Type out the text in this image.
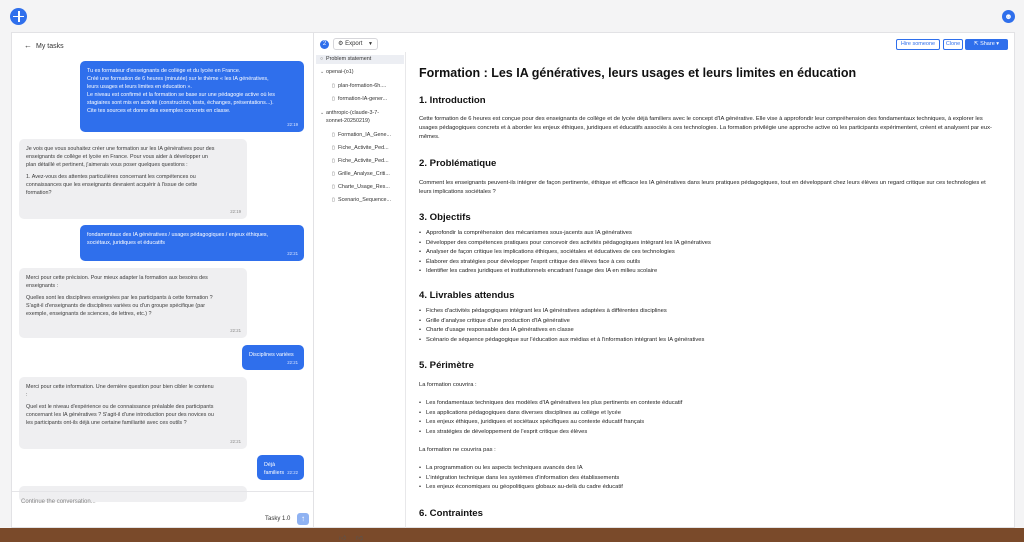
☻
← My tasks
Tu es formateur d'enseignants de collège et du lycée en France.
Créé une formation de 6 heures (minutée) sur le thème « les IA génératives,
leurs usages et leurs limites en éducation ».
Le niveau est confirmé et la formation se base sur une pédagogie active où les
stagiaires sont mis en activité (construction, tests, échanges, présentations...).
Cite tes sources et donne des exemples concrets en classe.
22:19
Je vois que vous souhaitez créer une formation sur les IA génératives pour des
enseignants de collège et lycée en France. Pour vous aider à développer un
plan détaillé et pertinent, j'aimerais vous poser quelques questions :
1. Avez-vous des attentes particulières concernant les compétences ou
connaissances que les enseignants devraient acquérir à l'issue de cette
formation?
22:19
fondamentaux des IA génératives / usages pédagogiques / enjeux éthiques,
sociétaux, juridiques et éducatifs
22:21
Merci pour cette précision. Pour mieux adapter la formation aux besoins des
enseignants :
Quelles sont les disciplines enseignées par les participants à cette formation ?
S'agit-il d'enseignants de disciplines variées ou d'un groupe spécifique (par
exemple, enseignants de sciences, de lettres, etc.) ?
22:21
Disciplines variées
22:21
Merci pour cette information. Une dernière question pour bien cibler le contenu
:
Quel est le niveau d'expérience ou de connaissance préalable des participants
concernant les IA génératives ? S'agit-il d'une introduction pour des novices ou
les participants ont-ils déjà une certaine familiarité avec ces outils ?
22:21
Déjà familiers 22:22
Continue the conversation...
Tasky 1.0	↑
2	⚙ Export ▼	Hire someone	Clone	⇱ Share ▾
○ Problem statement
⌄ openai-(o1)
▯ plan-formation-6h....
▯ formation-IA-gener...
⌄ anthropic-(claude-3-7-
sonnet-20250219)
▯ Formation_IA_Gene...
▯ Fiche_Activite_Ped...
▯ Fiche_Activite_Ped...
▯ Grille_Analyse_Criti...
▯ Charte_Usage_Res...
▯ Scenario_Sequence...
👍︎ 👎︎
Formation : Les IA génératives, leurs usages et leurs limites en éducation
1. Introduction

Cette formation de 6 heures est conçue pour des enseignants de collège et de lycée déjà familiers avec le concept d'IA générative. Elle vise à approfondir leur compréhension des fondamentaux techniques, à explorer les usages pédagogiques concrets et à aborder les enjeux éthiques, juridiques et éducatifs associés à ces technologies. La formation privilégie une approche active où les participants expérimentent, créent et analysent par eux-mêmes.

2. Problématique

Comment les enseignants peuvent-ils intégrer de façon pertinente, éthique et efficace les IA génératives dans leurs pratiques pédagogiques, tout en développant chez leurs élèves un regard critique sur ces technologies et leurs implications sociétales ?

3. Objectifs
• Approfondir la compréhension des mécanismes sous-jacents aux IA génératives
• Développer des compétences pratiques pour concevoir des activités pédagogiques intégrant les IA génératives
• Analyser de façon critique les implications éthiques, sociétales et éducatives de ces technologies
• Élaborer des stratégies pour développer l'esprit critique des élèves face à ces outils
• Identifier les cadres juridiques et institutionnels encadrant l'usage des IA en milieu scolaire
4. Livrables attendus
• Fiches d'activités pédagogiques intégrant les IA génératives adaptées à différentes disciplines
• Grille d'analyse critique d'une production d'IA générative
• Charte d'usage responsable des IA génératives en classe
• Scénario de séquence pédagogique sur l'éducation aux médias et à l'information intégrant les IA génératives
5. Périmètre

La formation couvrira :

• Les fondamentaux techniques des modèles d'IA génératives les plus pertinents en contexte éducatif
• Les applications pédagogiques dans diverses disciplines au collège et lycée
• Les enjeux éthiques, juridiques et sociétaux spécifiques au contexte éducatif français
• Les stratégies de développement de l'esprit critique des élèves

La formation ne couvrira pas :

• La programmation ou les aspects techniques avancés des IA
• L'intégration technique dans les systèmes d'information des établissements
• Les enjeux économiques ou géopolitiques globaux au-delà du cadre éducatif
6. Contraintes
